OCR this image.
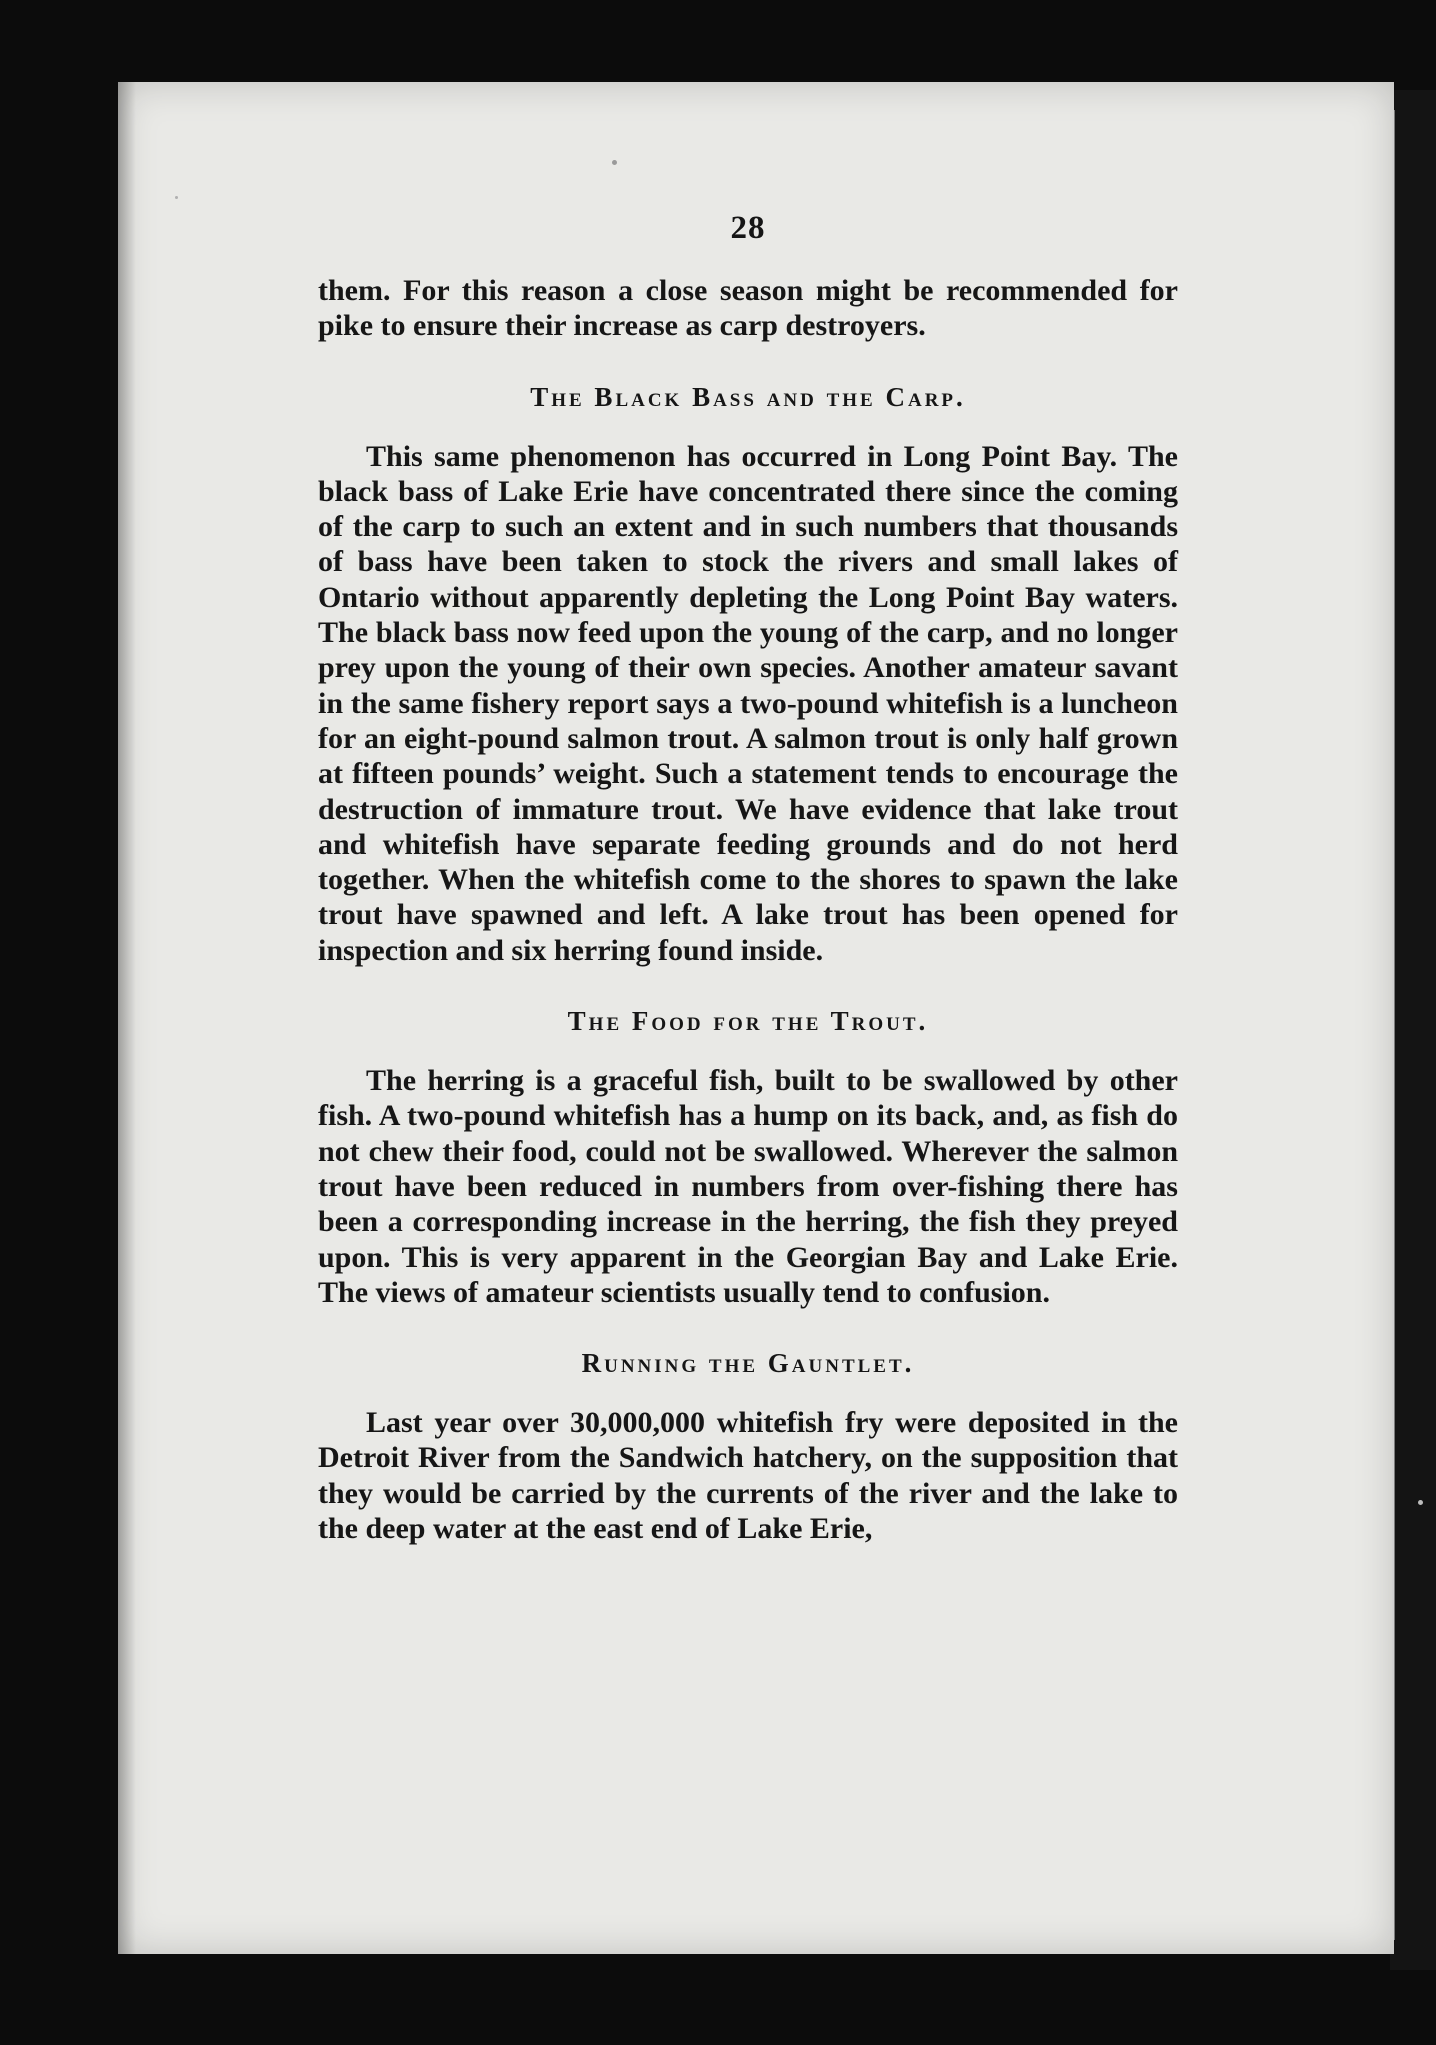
28

them. For this reason a close season might be recommended for pike to ensure their increase as carp destroyers.

The Black Bass and the Carp.

This same phenomenon has occurred in Long Point Bay. The black bass of Lake Erie have concentrated there since the coming of the carp to such an extent and in such numbers that thousands of bass have been taken to stock the rivers and small lakes of Ontario without apparently depleting the Long Point Bay waters. The black bass now feed upon the young of the carp, and no longer prey upon the young of their own species. Another amateur savant in the same fishery report says a two-pound whitefish is a luncheon for an eight-pound salmon trout. A salmon trout is only half grown at fifteen pounds’ weight. Such a statement tends to encourage the destruction of immature trout. We have evidence that lake trout and whitefish have separate feeding grounds and do not herd together. When the whitefish come to the shores to spawn the lake trout have spawned and left. A lake trout has been opened for inspection and six herring found inside.

The Food for the Trout.

The herring is a graceful fish, built to be swallowed by other fish. A two-pound whitefish has a hump on its back, and, as fish do not chew their food, could not be swallowed. Wherever the salmon trout have been reduced in numbers from over-fishing there has been a corresponding increase in the herring, the fish they preyed upon. This is very apparent in the Georgian Bay and Lake Erie. The views of amateur scientists usually tend to confusion.

Running the Gauntlet.

Last year over 30,000,000 whitefish fry were deposited in the Detroit River from the Sandwich hatchery, on the supposition that they would be carried by the currents of the river and the lake to the deep water at the east end of Lake Erie,
